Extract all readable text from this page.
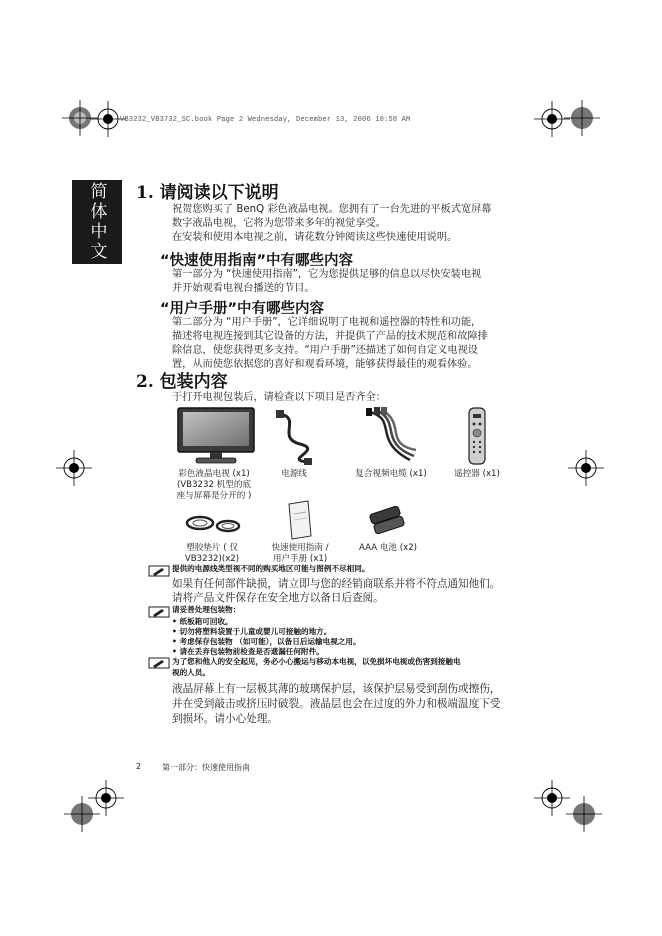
VB3232_VB3732_SC.book Page 2 Wednesday, December 13, 2006 10:58 AM
简体中文 1. 请阅读以下说明
祝贺您购买了 BenQ 彩色液晶电视。您拥有了一台先进的平板式宽屏幕
数字液晶电视，它将为您带来多年的视觉享受。
在安装和使用本电视之前，请花数分钟阅读这些快速使用说明。
“快速使用指南”中有哪些内容
第一部分为 “快速使用指南”，它为您提供足够的信息以尽快安装电视
并开始观看电视台播送的节目。
“用户手册”中有哪些内容
第二部分为 “用户手册”，它详细说明了电视和遥控器的特性和功能，
描述将电视连接到其它设备的方法，并提供了产品的技术规范和故障排
除信息，使您获得更多支持。“用户手册”还描述了如何自定义电视设
置，从而使您依据您的喜好和观看环境，能够获得最佳的观看体验。
2. 包装内容
于打开电视包装后，请检查以下项目是否齐全：
彩色液晶电视 (x1)
(VB3232 机型的底
座与屏幕是分开的 )
电源线	复合视频电缆 (x1)	遥控器 (x1)
塑胶垫片 ( 仅
VB3232)(x2)
快速使用指南 /
用户手册 (x1)
AAA 电池 (x2)
提供的电源线类型视不同的购买地区可能与图例不尽相同。
如果有任何部件缺损，请立即与您的经销商联系并将不符点通知他们。
请将产品文件保存在安全地方以备日后查阅。
请妥善处理包装物：
• 纸板箱可回收。
• 切勿将塑料袋置于儿童或婴儿可接触的地方。
• 考虑保存包装物 （如可能），以备日后运输电视之用。
• 请在丢弃包装物前检查是否遗漏任何附件。
为了您和他人的安全起见，务必小心搬运与移动本电视，以免损坏电视或伤害到接触电
视的人员。
液晶屏幕上有一层极其薄的玻璃保护层，该保护层易受到刮伤或擦伤，
并在受到敲击或挤压时破裂。液晶层也会在过度的外力和极端温度下受
到损坏。请小心处理。
2	第一部分：快速使用指南
